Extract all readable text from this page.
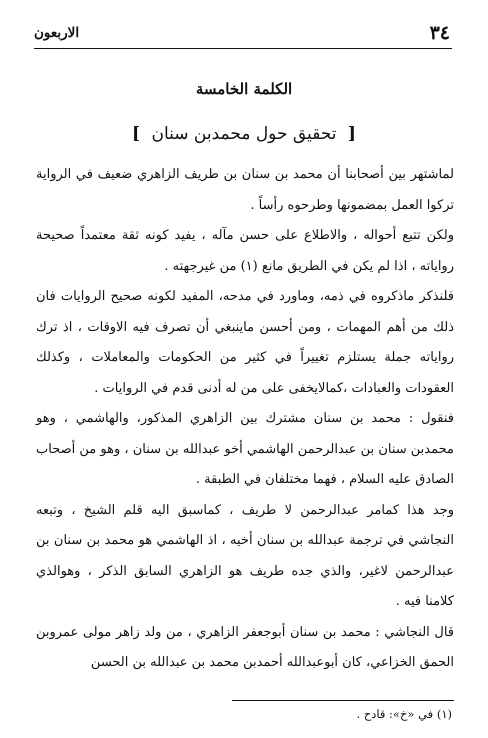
٣٤
الاربعون
الكلمة الخامسة
[ تحقيق حول محمدبن سنان ]

لماشتهر بين أصحابنا أن محمد بن سنان بن طريف الزاهري ضعيف في الرواية تركوا العمل بمضمونها وطرحوه رأساً .

ولكن تتبع أحواله ، والاطلاع على حسن مآله ، يفيد كونه ثقة معتمداً صحيحة رواياته ، اذا لم يكن في الطريق مانع (١) من غيرجهته .

فلنذكر ماذكروه في ذمه، وماورد في مدحه، المفيد لكونه صحيح الروايات فان ذلك من أهم المهمات ، ومن أحسن ماينبغي أن تصرف فيه الاوقات ، اذ ترك رواياته جملة يستلزم تغييراً في كثير من الحكومات والمعاملات ، وكذلك العقودات والعبادات ،كمالايخفى على من له أدنى قدم في الروايات .

فنقول : محمد بن سنان مشترك بين الزاهري المذكور، والهاشمي ، وهو محمدبن سنان بن عبدالرحمن الهاشمي أخو عبدالله بن سنان ، وهو من أصحاب الصادق عليه السلام ، فهما مختلفان في الطبقة .

وجد هذا كمامر عبدالرحمن لا طريف ، كماسبق اليه قلم الشيخ ، وتبعه النجاشي في ترجمة عبدالله بن سنان أخيه ، اذ الهاشمي هو محمد بن سنان بن عبدالرحمن لاغير، والذي جده طريف هو الزاهري السابق الذكر ، وهوالذي كلامنا فيه .

قال النجاشي : محمد بن سنان أبوجعفر الزاهري ، من ولد زاهر مولى عمروبن الحمق الخزاعي، كان أبوعبدالله أحمدبن محمد بن عبدالله بن الحسن

(١) في «خ»: قادح .
